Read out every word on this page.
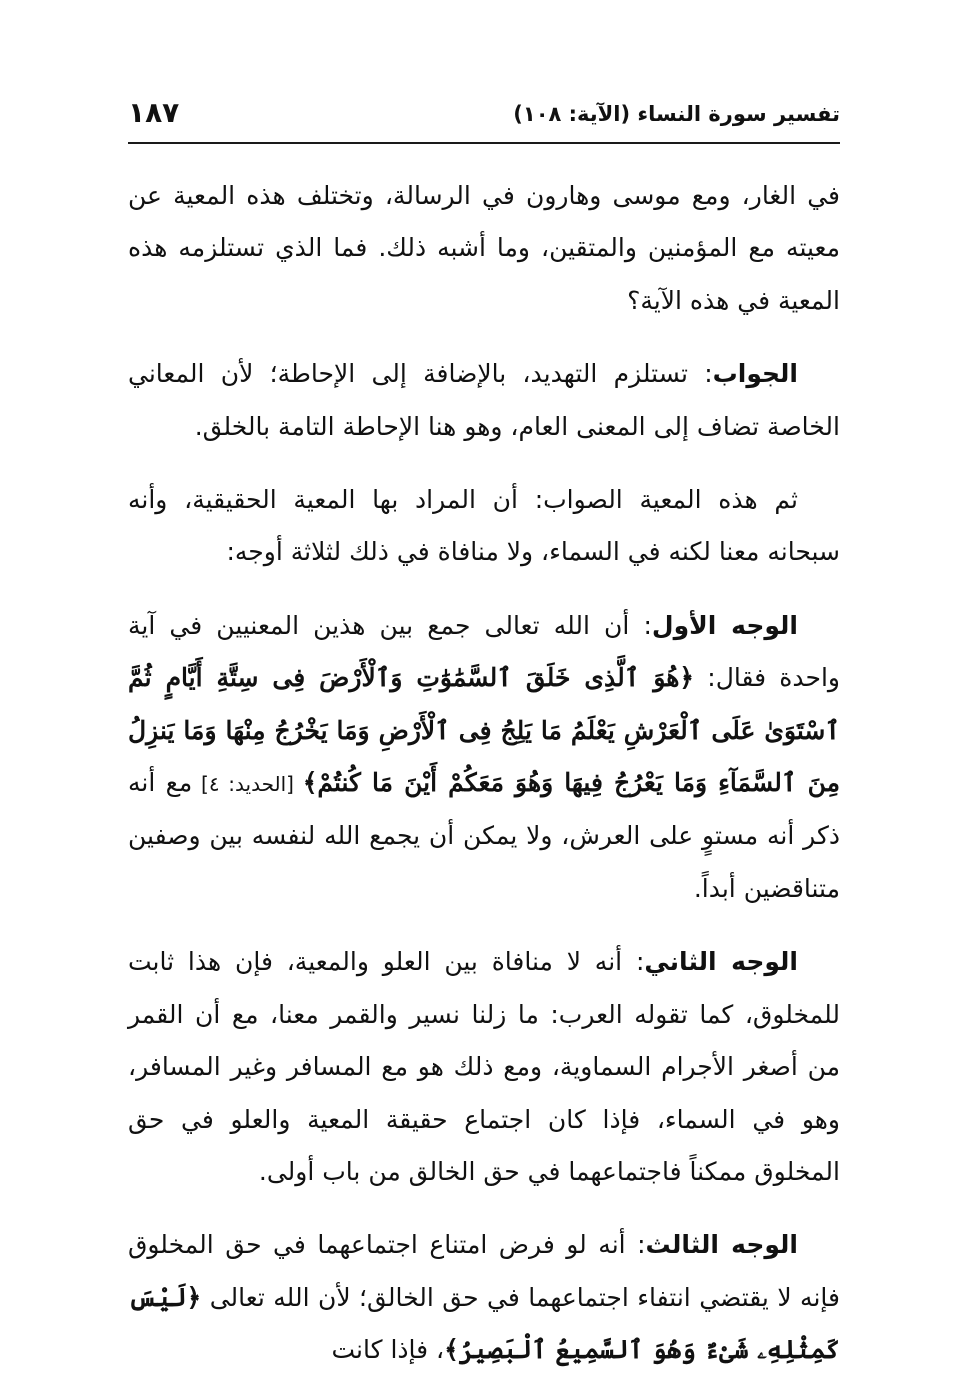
تفسير سورة النساء (الآية: ١٠٨)
١٨٧

في الغار، ومع موسى وهارون في الرسالة، وتختلف هذه المعية عن معيته مع المؤمنين والمتقين، وما أشبه ذلك. فما الذي تستلزمه هذه المعية في هذه الآية؟

الجواب: تستلزم التهديد، بالإضافة إلى الإحاطة؛ لأن المعاني الخاصة تضاف إلى المعنى العام، وهو هنا الإحاطة التامة بالخلق.

ثم هذه المعية الصواب: أن المراد بها المعية الحقيقية، وأنه سبحانه معنا لكنه في السماء، ولا منافاة في ذلك لثلاثة أوجه:

الوجه الأول: أن الله تعالى جمع بين هذين المعنيين في آية واحدة فقال: ﴿هُوَ ٱلَّذِى خَلَقَ ٱلسَّمَٰوَٰتِ وَٱلْأَرْضَ فِى سِتَّةِ أَيَّامٍ ثُمَّ ٱسْتَوَىٰ عَلَى ٱلْعَرْشِ يَعْلَمُ مَا يَلِجُ فِى ٱلْأَرْضِ وَمَا يَخْرُجُ مِنْهَا وَمَا يَنزِلُ مِنَ ٱلسَّمَآءِ وَمَا يَعْرُجُ فِيهَا وَهُوَ مَعَكُمْ أَيْنَ مَا كُنتُمْ﴾ [الحديد: ٤] مع أنه ذكر أنه مستوٍ على العرش، ولا يمكن أن يجمع الله لنفسه بين وصفين متناقضين أبداً.

الوجه الثاني: أنه لا منافاة بين العلو والمعية، فإن هذا ثابت للمخلوق، كما تقوله العرب: ما زلنا نسير والقمر معنا، مع أن القمر من أصغر الأجرام السماوية، ومع ذلك هو مع المسافر وغير المسافر، وهو في السماء، فإذا كان اجتماع حقيقة المعية والعلو في حق المخلوق ممكناً فاجتماعهما في حق الخالق من باب أولى.

الوجه الثالث: أنه لو فرض امتناع اجتماعهما في حق المخلوق فإنه لا يقتضي انتفاء اجتماعهما في حق الخالق؛ لأن الله تعالى ﴿لَيْسَ كَمِثْلِهِۦ شَىْءٌ وَهُوَ ٱلسَّمِيعُ ٱلْبَصِيرُ﴾، فإذا كانت
